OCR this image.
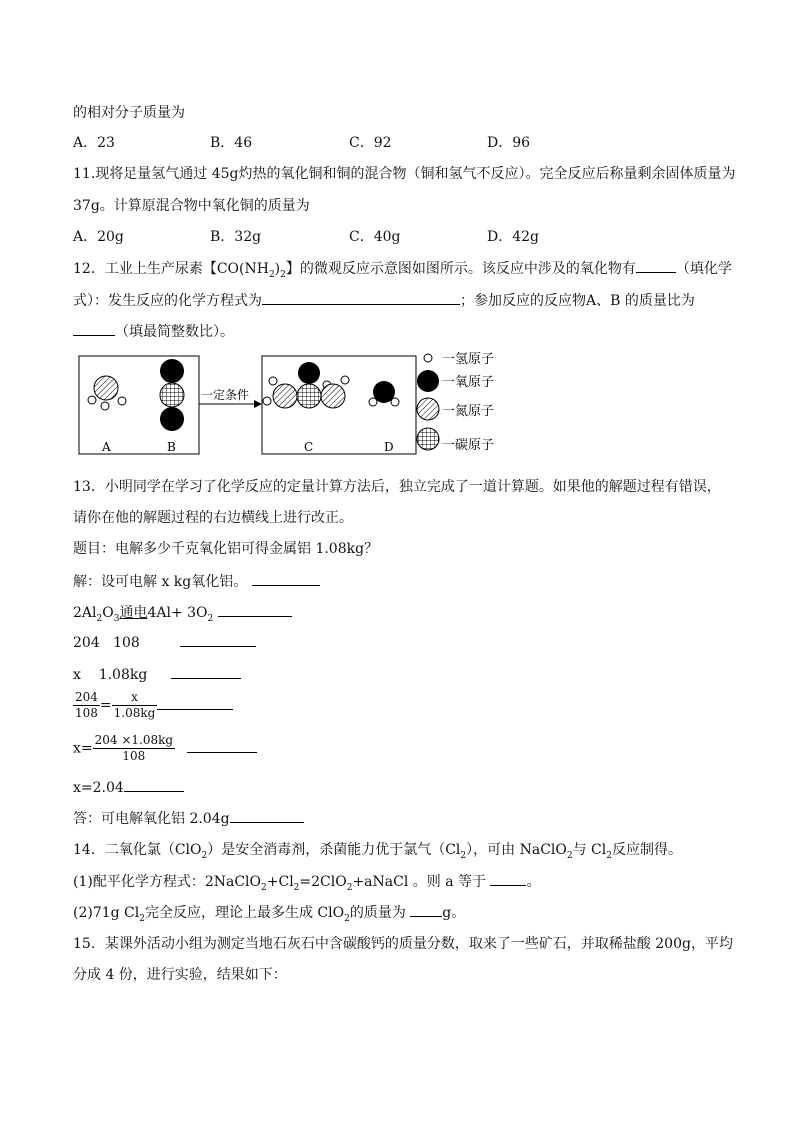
的相对分子质量为
A．23	B．46	C．92	D．96
11.现将足量氢气通过 45g灼热的氧化铜和铜的混合物（铜和氢气不反应）。完全反应后称量剩余固体质量为
37g。计算原混合物中氧化铜的质量为
A．20g	B．32g	C．40g	D．42g
12．工业上生产尿素【$CO(NH_2)_2$】的微观反应示意图如图所示。该反应中涉及的氧化物有	（填化学
式）：发生反应的化学方程式为	；参加反应的反应物A、B 的质量比为
（填最简整数比）。
A	B
一定条件
C	D
一氢原子
一氧原子
一氮原子
一碳原子
13．小明同学在学习了化学反应的定量计算方法后，独立完成了一道计算题。如果他的解题过程有错误，
请你在他的解题过程的右边横线上进行改正。
题目：电解多少千克氧化铝可得金属铝 1.08kg？
解：设可电解 x kg氧化铝。
$2Al_2O_3$通电$4Al+ 3O_2$
204   108
x    1.08kg
$\frac{204}{108} = \frac{x}{1.08kg}$
$x= \frac{204 \times 1.08kg}{108}$
x=2.04
答：可电解氧化铝 2.04g
14．二氧化氯（ClO$_2$）是安全消毒剂，杀菌能力优于氯气$(Cl_2)$，可由 NaClO$_2$与 $Cl_2$反应制得。
(1)配平化学方程式：$2NaClO_2+Cl_2=2ClO_2+aNaCl$ 。则 a 等于	。
(2)71g $Cl_2$完全反应，理论上最多生成 ClO$_2$的质量为	g。
15．某课外活动小组为测定当地石灰石中含碳酸钙的质量分数，取来了一些矿石，并取稀盐酸 200g，平均
分成 4 份，进行实验，结果如下：
